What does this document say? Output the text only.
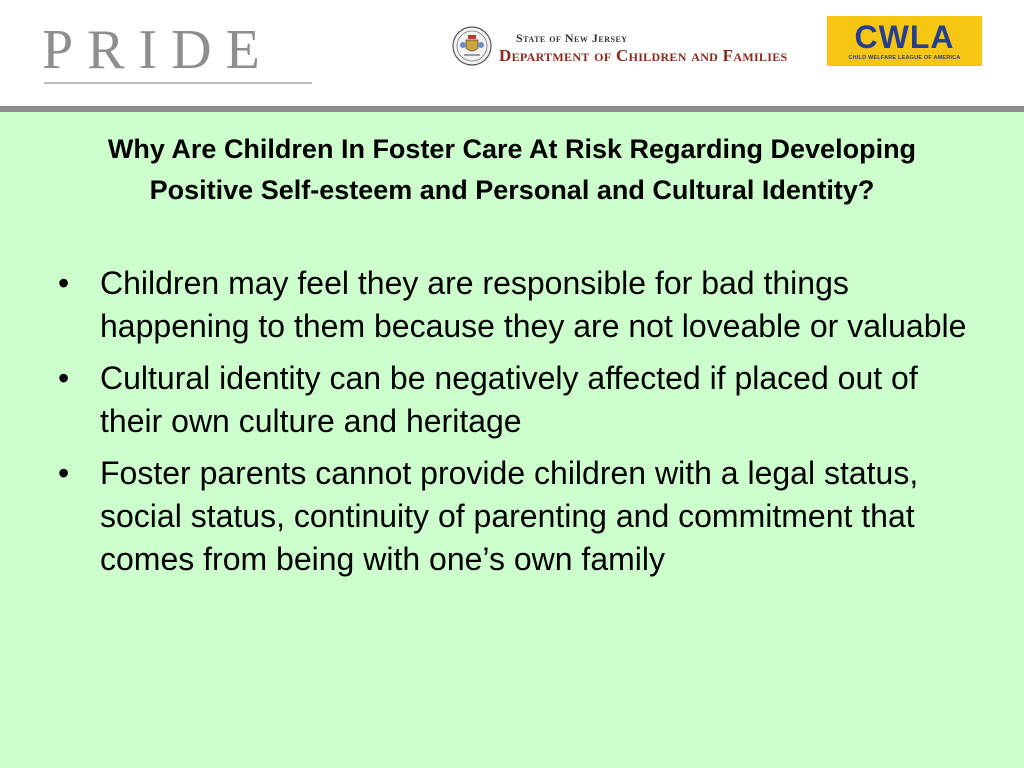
PRIDE	State of New Jersey
Department of Children and Families
CWLA
CHILD WELFARE LEAGUE OF AMERICA
Why Are Children In Foster Care At Risk Regarding Developing Positive Self-esteem and Personal and Cultural Identity?
• Children may feel they are responsible for bad things happening to them because they are not loveable or valuable
• Cultural identity can be negatively affected if placed out of their own culture and heritage
• Foster parents cannot provide children with a legal status, social status, continuity of parenting and commitment that comes from being with one’s own family
